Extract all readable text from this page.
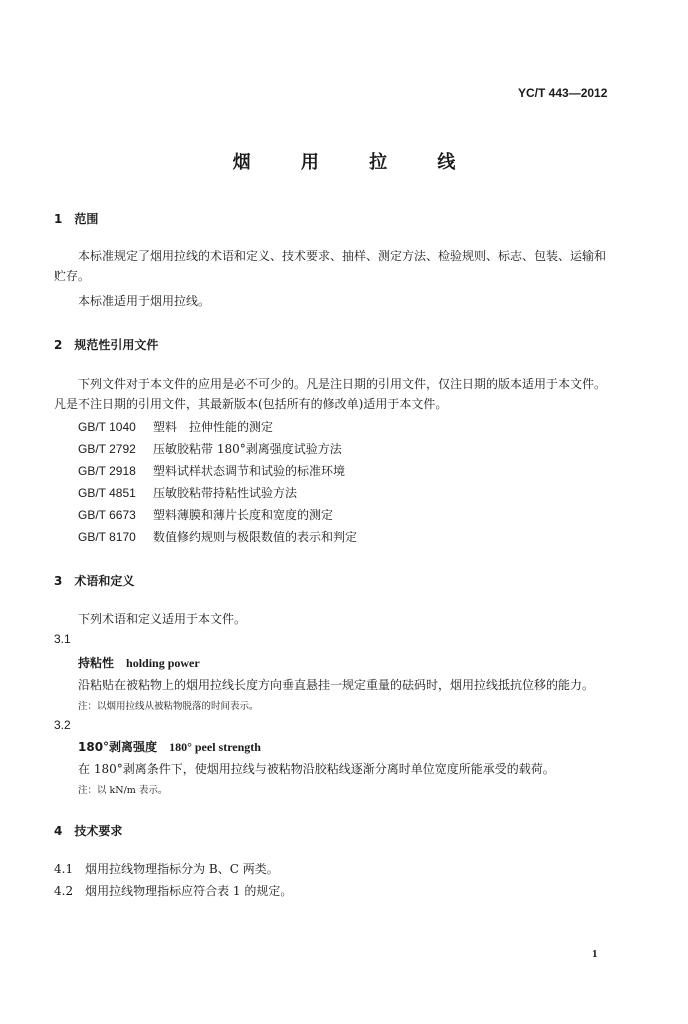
YC/T 443—2012
烟 用 拉 线
1　范围
本标准规定了烟用拉线的术语和定义、技术要求、抽样、测定方法、检验规则、标志、包装、运输和贮存。
本标准适用于烟用拉线。
2　规范性引用文件
下列文件对于本文件的应用是必不可少的。凡是注日期的引用文件，仅注日期的版本适用于本文件。凡是不注日期的引用文件，其最新版本(包括所有的修改单)适用于本文件。
GB/T 1040 塑料　拉伸性能的测定
GB/T 2792 压敏胶粘带 180°剥离强度试验方法
GB/T 2918 塑料试样状态调节和试验的标准环境
GB/T 4851 压敏胶粘带持粘性试验方法
GB/T 6673 塑料薄膜和薄片长度和宽度的测定
GB/T 8170 数值修约规则与极限数值的表示和判定
3　术语和定义
下列术语和定义适用于本文件。
3.1
持粘性 holding power
沿粘贴在被粘物上的烟用拉线长度方向垂直悬挂一规定重量的砝码时，烟用拉线抵抗位移的能力。
注：以烟用拉线从被粘物脱落的时间表示。
3.2
180°剥离强度 180° peel strength
在 180°剥离条件下，使烟用拉线与被粘物沿胶粘线逐渐分离时单位宽度所能承受的载荷。
注：以 kN/m 表示。
4　技术要求
4.1　烟用拉线物理指标分为 B、C 两类。
4.2　烟用拉线物理指标应符合表 1 的规定。
1
